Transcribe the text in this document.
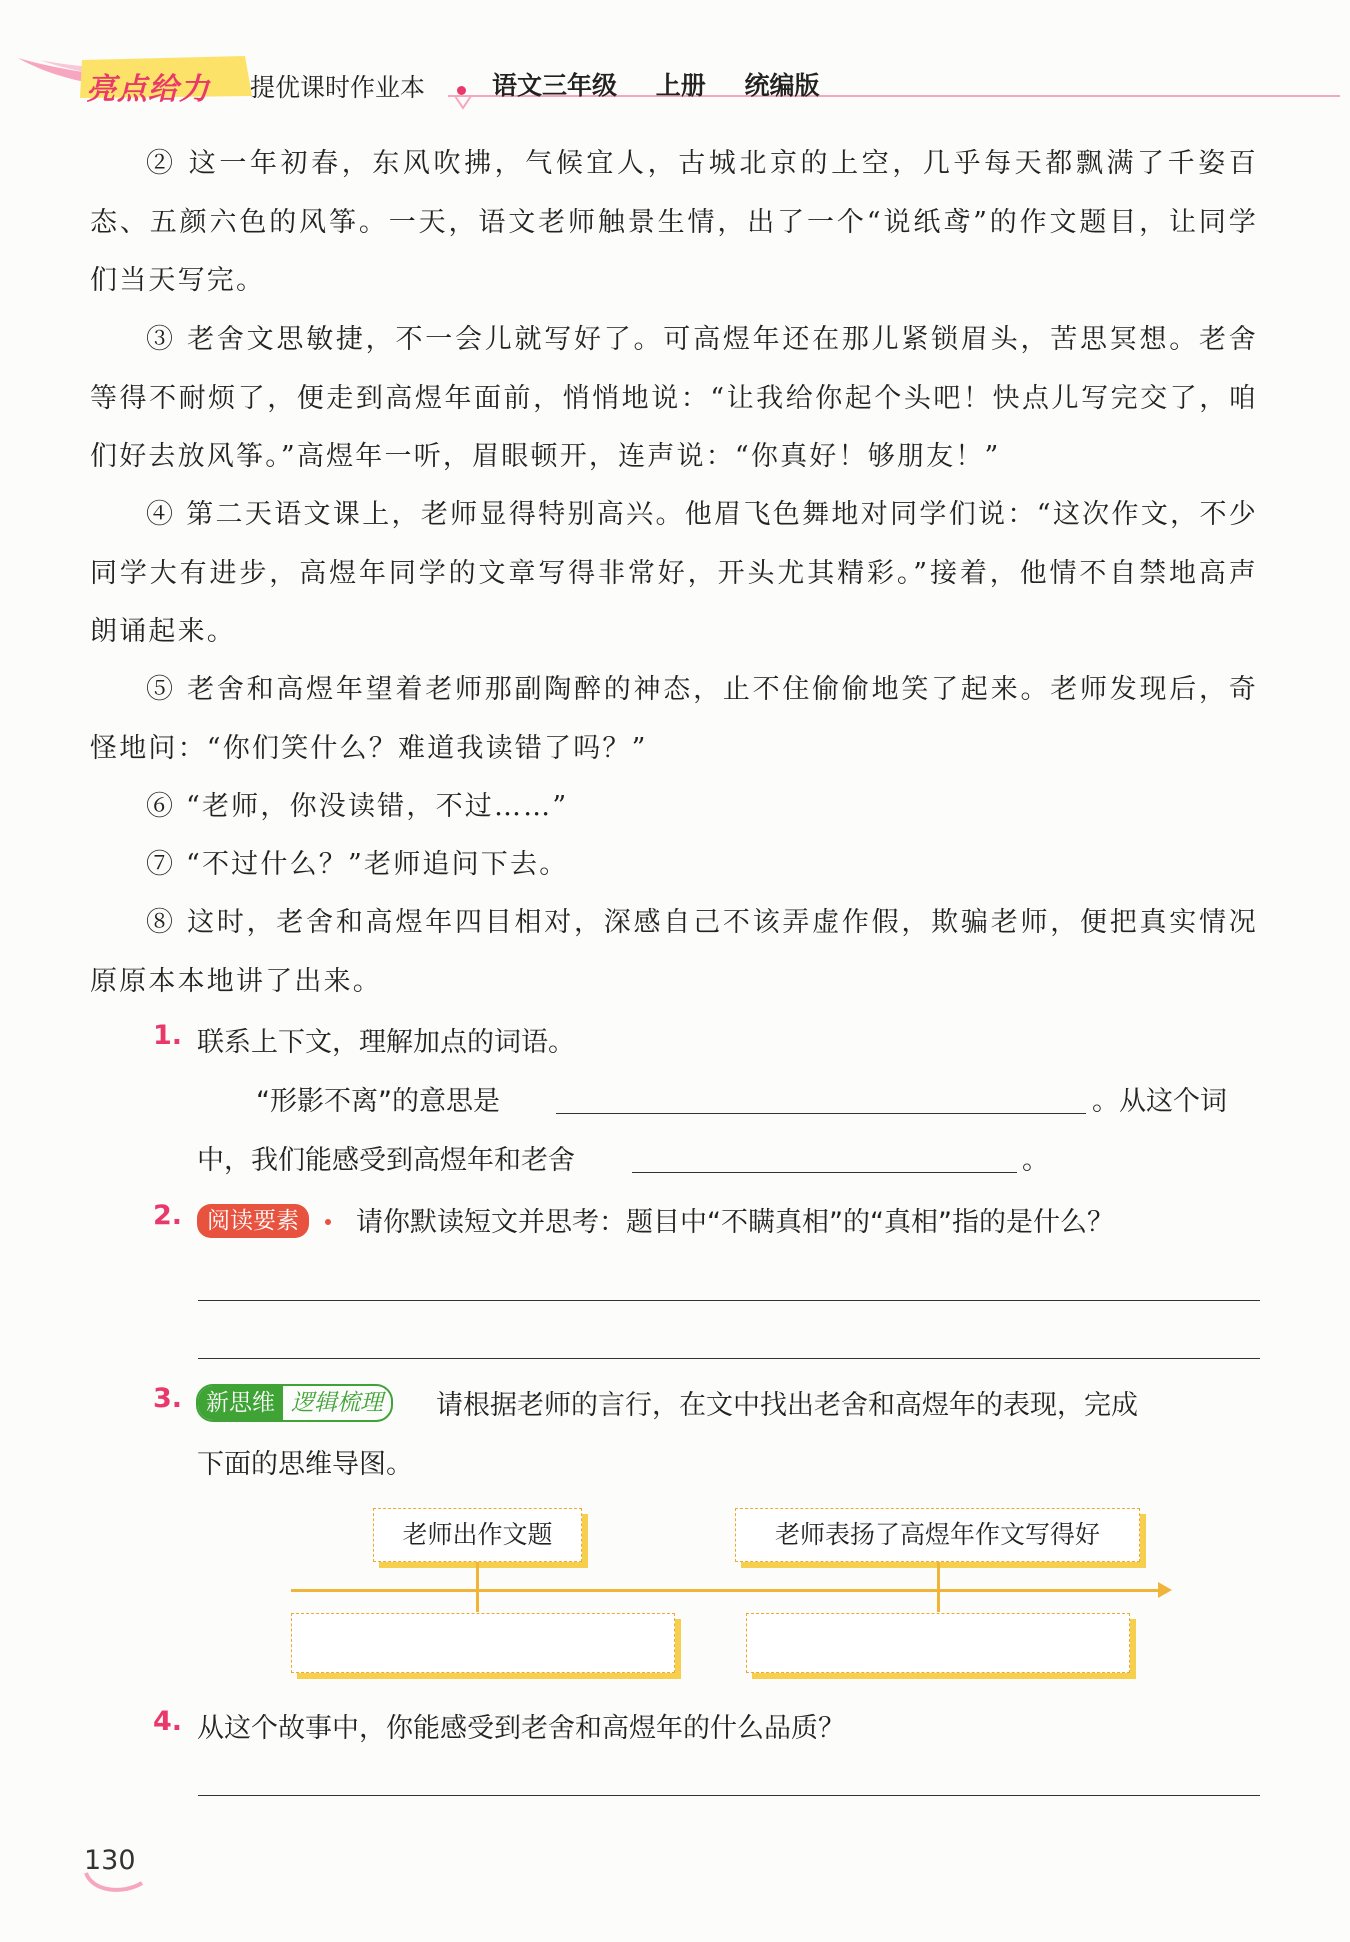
亮点给力 提优课时作业本	语文三年级 上册 统编版

② 这一年初春，东风吹拂，气候宜人，古城北京的上空，几乎每天都飘满了千姿百态、五颜六色的风筝。一天，语文老师触景生情，出了一个“说纸鸢”的作文题目，让同学们当天写完。

③ 老舍文思敏捷，不一会儿就写好了。可高煜年还在那儿紧锁眉头，苦思冥想。老舍等得不耐烦了，便走到高煜年面前，悄悄地说：“让我给你起个头吧！快点儿写完交了，咱们好去放风筝。”高煜年一听，眉眼顿开，连声说：“你真好！够朋友！”

④ 第二天语文课上，老师显得特别高兴。他眉飞色舞地对同学们说：“这次作文，不少同学大有进步，高煜年同学的文章写得非常好，开头尤其精彩。”接着，他情不自禁地高声朗诵起来。

⑤ 老舍和高煜年望着老师那副陶醉的神态，止不住偷偷地笑了起来。老师发现后，奇怪地问：“你们笑什么？难道我读错了吗？”

⑥ “老师，你没读错，不过……”

⑦ “不过什么？”老师追问下去。

⑧ 这时，老舍和高煜年四目相对，深感自己不该弄虚作假，欺骗老师，便把真实情况原原本本地讲了出来。

1. 联系上下文，理解加点的词语。
“形影不离”的意思是	。从这个词
中，我们能感受到高煜年和老舍	。
2.	阅读要素	请你默读短文并思考：题目中“不瞒真相”的“真相”指的是什么？
3.	新思维 逻辑梳理 请根据老师的言行，在文中找出老舍和高煜年的表现，完成
下面的思维导图。
老师出作文题	老师表扬了高煜年作文写得好
4. 从这个故事中，你能感受到老舍和高煜年的什么品质？
130
